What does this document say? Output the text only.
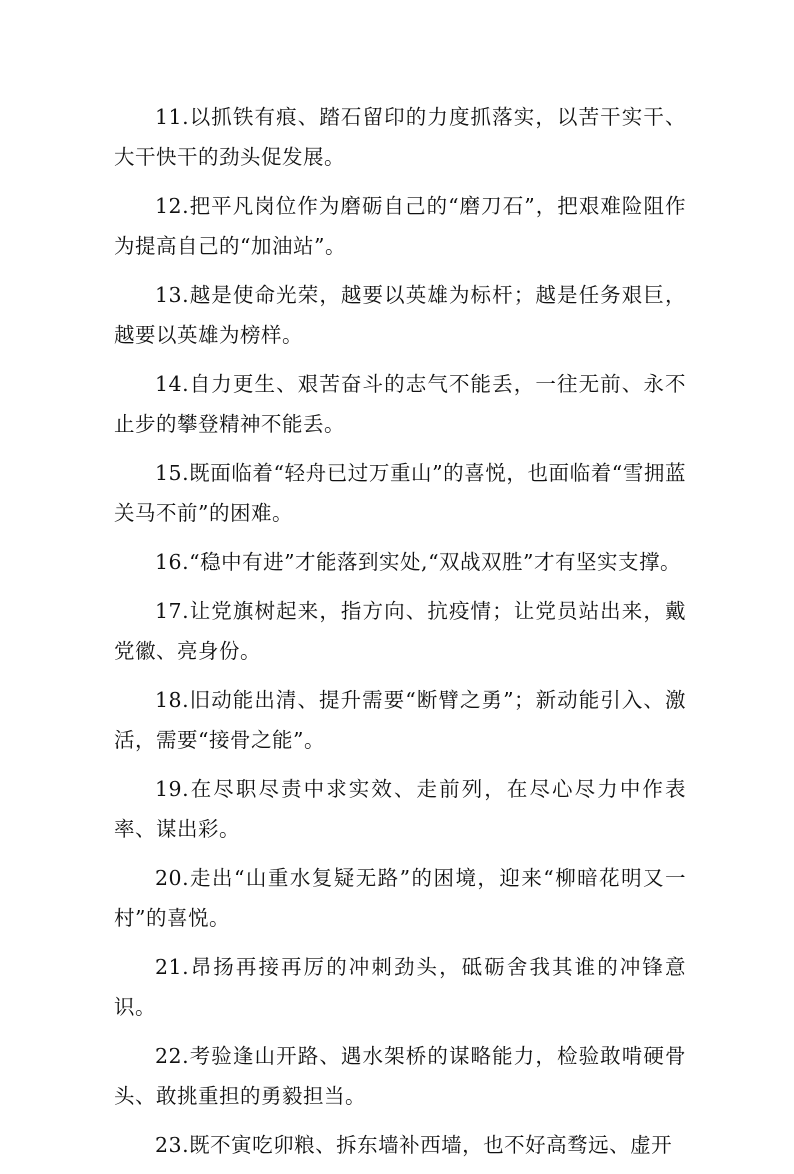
11.以抓铁有痕、踏石留印的力度抓落实，以苦干实干、大干快干的劲头促发展。

12.把平凡岗位作为磨砺自己的“磨刀石”，把艰难险阻作为提高自己的“加油站”。

13.越是使命光荣，越要以英雄为标杆；越是任务艰巨，越要以英雄为榜样。

14.自力更生、艰苦奋斗的志气不能丢，一往无前、永不止步的攀登精神不能丢。

15.既面临着“轻舟已过万重山”的喜悦，也面临着“雪拥蓝关马不前”的困难。

16.“稳中有进”才能落到实处,“双战双胜”才有坚实支撑。

17.让党旗树起来，指方向、抗疫情；让党员站出来，戴党徽、亮身份。

18.旧动能出清、提升需要“断臂之勇”；新动能引入、激活，需要“接骨之能”。

19.在尽职尽责中求实效、走前列，在尽心尽力中作表率、谋出彩。

20.走出“山重水复疑无路”的困境，迎来“柳暗花明又一村”的喜悦。

21.昂扬再接再厉的冲刺劲头，砥砺舍我其谁的冲锋意识。

22.考验逢山开路、遇水架桥的谋略能力，检验敢啃硬骨头、敢挑重担的勇毅担当。

23.既不寅吃卯粮、拆东墙补西墙，也不好高骛远、虚开
